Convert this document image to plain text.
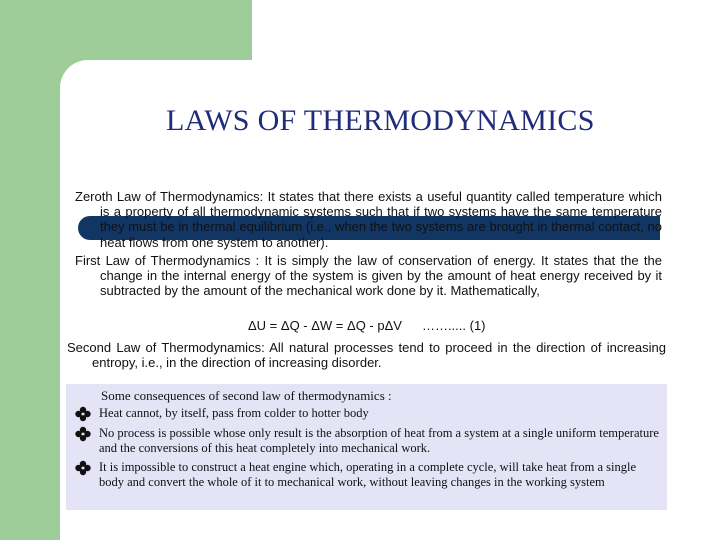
LAWS OF THERMODYNAMICS
Zeroth Law of Thermodynamics: It states that there exists a useful quantity called temperature which is a property of all thermodynamic systems such that if two systems have the same temperature they must be in thermal equilibrium (i.e., when the two systems are brought in thermal contact, no heat flows from one system to another).
First Law of Thermodynamics : It is simply the law of conservation of energy. It states that the the change in the internal energy of the system is given by the amount of heat energy received by it subtracted by the amount of the mechanical work done by it. Mathematically,
ΔU = ΔQ - ΔW = ΔQ - pΔV ……..... (1)
Second Law of Thermodynamics: All natural processes tend to proceed in the direction of increasing entropy, i.e., in the direction of increasing disorder.
Some consequences of second law of thermodynamics :
Heat cannot, by itself, pass from colder to hotter body
No process is possible whose only result is the absorption of heat from a system at a single uniform temperature and the conversions of this heat completely into mechanical work.
It is impossible to construct a heat engine which, operating in a complete cycle, will take heat from a single body and convert the whole of it to mechanical work, without leaving changes in the working system
